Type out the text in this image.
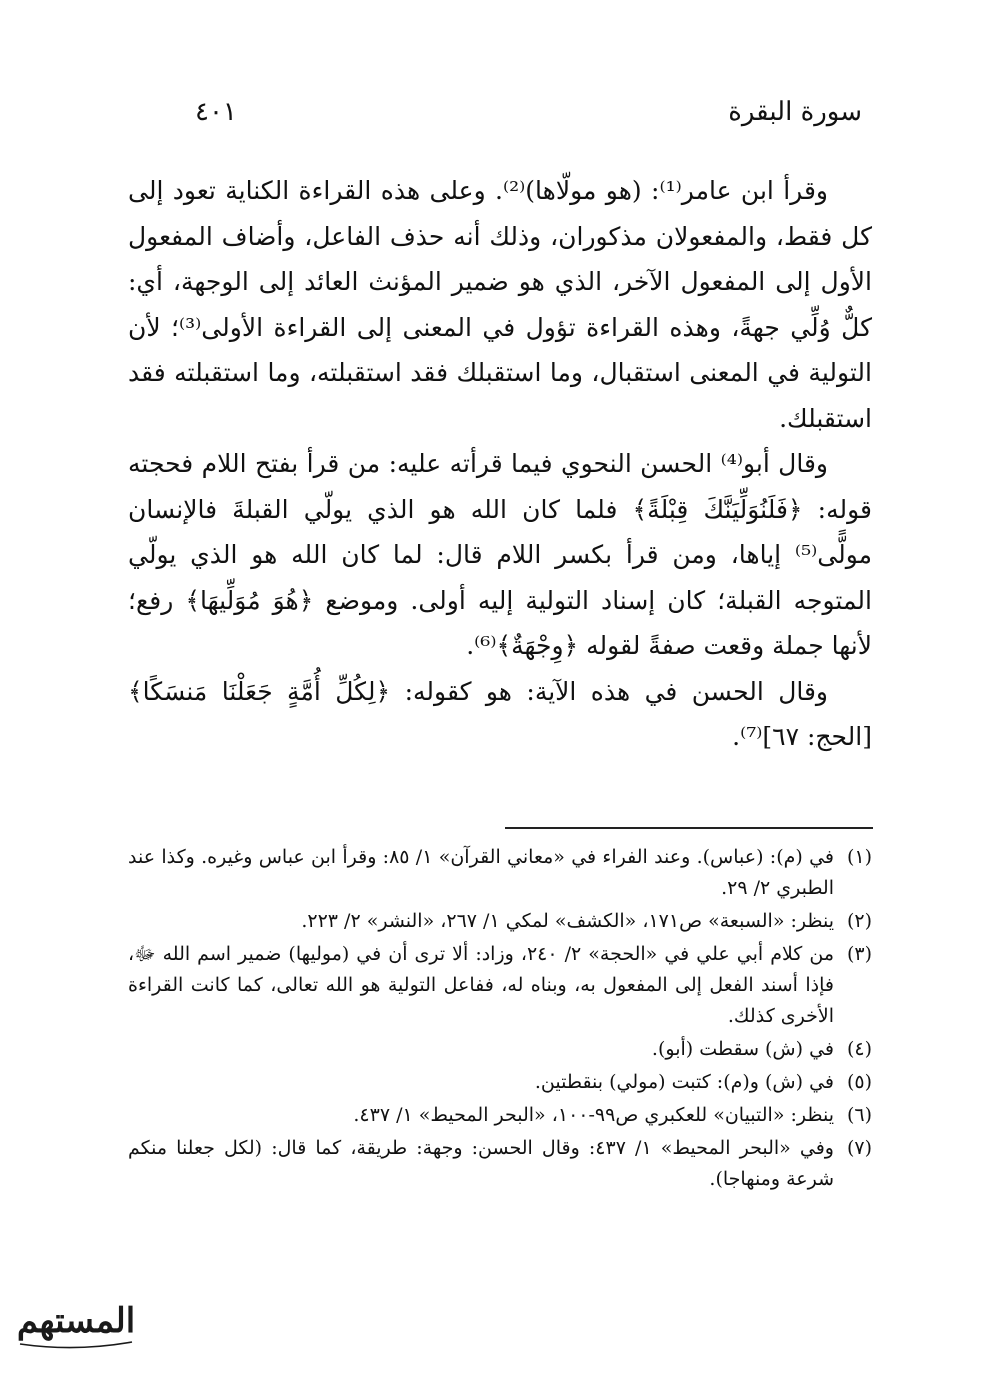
٤٠١	سورة البقرة

وقرأ ابن عامر⁽¹⁾: (هو مولّاها)⁽²⁾. وعلى هذه القراءة الكناية تعود إلى كل فقط، والمفعولان مذكوران، وذلك أنه حذف الفاعل، وأضاف المفعول الأول إلى المفعول الآخر، الذي هو ضمير المؤنث العائد إلى الوجهة، أي: كلٌّ وُلِّي جهةً، وهذه القراءة تؤول في المعنى إلى القراءة الأولى⁽³⁾؛ لأن التولية في المعنى استقبال، وما استقبلك فقد استقبلته، وما استقبلته فقد استقبلك.

وقال أبو⁽⁴⁾ الحسن النحوي فيما قرأته عليه: من قرأ بفتح اللام فحجته قوله: ﴿فَلَنُوَلِّيَنَّكَ قِبْلَةً﴾ فلما كان الله هو الذي يولّي القبلةَ فالإنسان مولًّى⁽⁵⁾ إياها، ومن قرأ بكسر اللام قال: لما كان الله هو الذي يولّي المتوجه القبلة؛ كان إسناد التولية إليه أولى. وموضع ﴿هُوَ مُوَلِّيهَا﴾ رفع؛ لأنها جملة وقعت صفةً لقوله ﴿وِجْهَةٌ﴾⁽⁶⁾.

وقال الحسن في هذه الآية: هو كقوله: ﴿لِكُلِّ أُمَّةٍ جَعَلْنَا مَنسَكًا﴾ [الحج: ٦٧]⁽⁷⁾.

(١)
في (م): (عباس). وعند الفراء في «معاني القرآن» ١/ ٨٥: وقرأ ابن عباس وغيره. وكذا عند الطبري ٢/ ٢٩.
(٢)
ينظر: «السبعة» ص١٧١، «الكشف» لمكي ١/ ٢٦٧، «النشر» ٢/ ٢٢٣.
(٣)
من كلام أبي علي في «الحجة» ٢/ ٢٤٠، وزاد: ألا ترى أن في (موليها) ضمير اسم الله ﷻ، فإذا أسند الفعل إلى المفعول به، وبناه له، ففاعل التولية هو الله تعالى، كما كانت القراءة الأخرى كذلك.
(٤)
في (ش) سقطت (أبو).
(٥)
في (ش) و(م): كتبت (مولي) بنقطتين.
(٦)
ينظر: «التبيان» للعكبري ص٩٩-١٠٠، «البحر المحيط» ١/ ٤٣٧.
(٧)
وفي «البحر المحيط» ١/ ٤٣٧: وقال الحسن: وجهة: طريقة، كما قال: (لكل جعلنا منكم شرعة ومنهاجا).
المستهم
